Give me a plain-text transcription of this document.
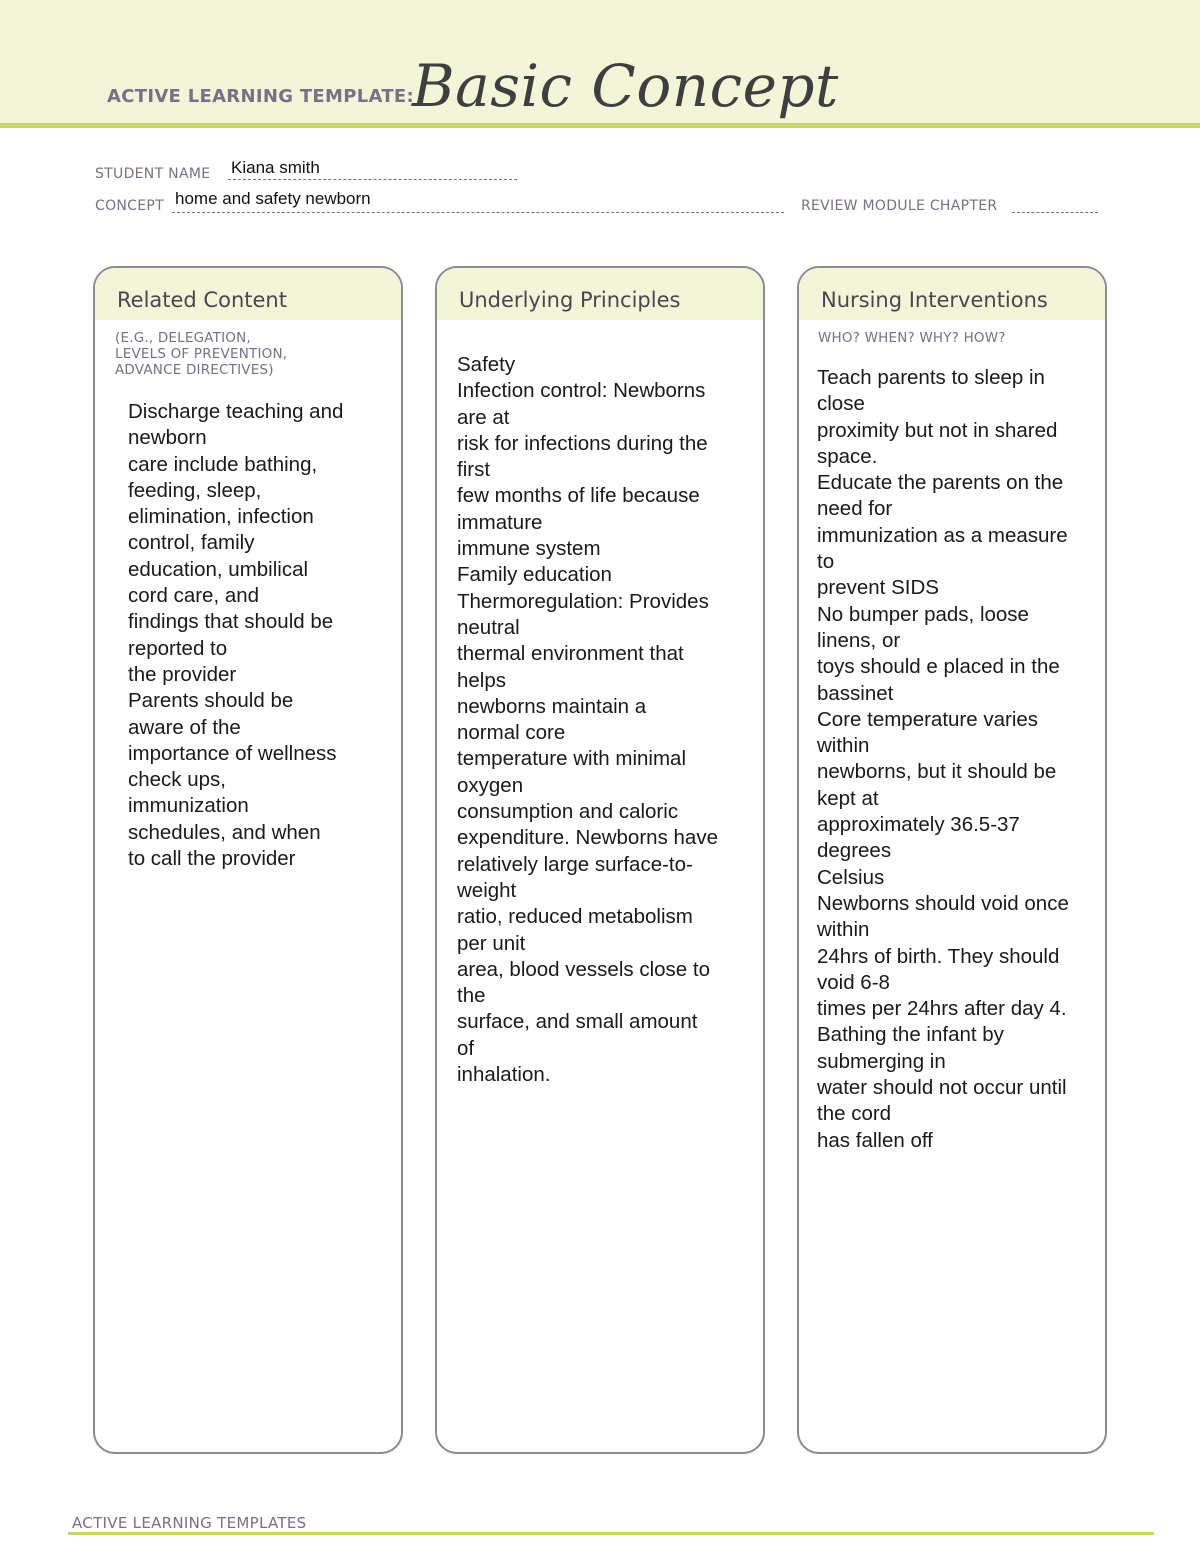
ACTIVE LEARNING TEMPLATE:
Basic Concept
STUDENT NAME Kiana smith
CONCEPT home and safety newborn	REVIEW MODULE CHAPTER
Related Content
(E.G., DELEGATION,
LEVELS OF PREVENTION,
ADVANCE DIRECTIVES)
Discharge teaching and
newborn
care include bathing,
feeding, sleep,
elimination, infection
control, family
education, umbilical
cord care, and
findings that should be
reported to
the provider
Parents should be
aware of the
importance of wellness
check ups,
immunization
schedules, and when
to call the provider
Underlying Principles
Safety
Infection control: Newborns
are at
risk for infections during the
first
few months of life because
immature
immune system
Family education
Thermoregulation: Provides
neutral
thermal environment that
helps
newborns maintain a
normal core
temperature with minimal
oxygen
consumption and caloric
expenditure. Newborns have
relatively large surface-to-
weight
ratio, reduced metabolism
per unit
area, blood vessels close to
the
surface, and small amount
of
inhalation.
Nursing Interventions
WHO? WHEN? WHY? HOW?
Teach parents to sleep in
close
proximity but not in shared
space.
Educate the parents on the
need for
immunization as a measure
to
prevent SIDS
No bumper pads, loose
linens, or
toys should e placed in the
bassinet
Core temperature varies
within
newborns, but it should be
kept at
approximately 36.5-37
degrees
Celsius
Newborns should void once
within
24hrs of birth. They should
void 6-8
times per 24hrs after day 4.
Bathing the infant by
submerging in
water should not occur until
the cord
has fallen off
ACTIVE LEARNING TEMPLATES
